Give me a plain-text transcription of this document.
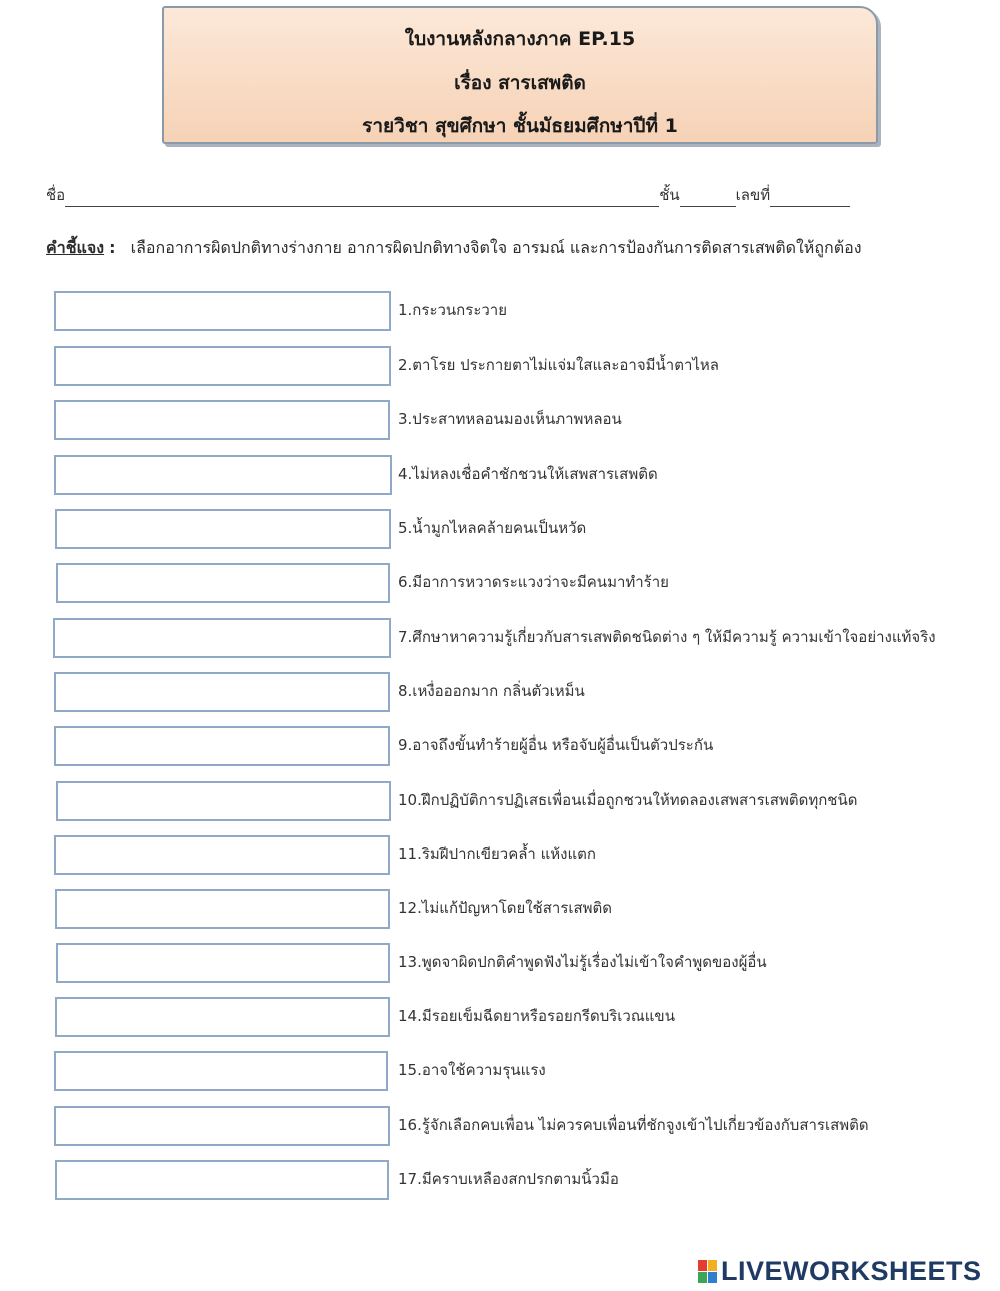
ใบงานหลังกลางภาค EP.15
เรื่อง สารเสพติด
รายวิชา สุขศึกษา ชั้นมัธยมศึกษาปีที่ 1
ชื่อ	ชั้น	เลขที่
คำชี้แจง : เลือกอาการผิดปกติทางร่างกาย อาการผิดปกติทางจิตใจ อารมณ์ และการป้องกันการติดสารเสพติดให้ถูกต้อง
1.กระวนกระวาย
2.ตาโรย ประกายตาไม่แจ่มใสและอาจมีน้ำตาไหล
3.ประสาทหลอนมองเห็นภาพหลอน
4.ไม่หลงเชื่อคำชักชวนให้เสพสารเสพติด
5.น้ำมูกไหลคล้ายคนเป็นหวัด
6.มีอาการหวาดระแวงว่าจะมีคนมาทำร้าย
7.ศึกษาหาความรู้เกี่ยวกับสารเสพติดชนิดต่าง ๆ ให้มีความรู้ ความเข้าใจอย่างแท้จริง
8.เหงื่อออกมาก กลิ่นตัวเหม็น
9.อาจถึงขั้นทำร้ายผู้อื่น หรือจับผู้อื่นเป็นตัวประกัน
10.ฝึกปฏิบัติการปฏิเสธเพื่อนเมื่อถูกชวนให้ทดลองเสพสารเสพติดทุกชนิด
11.ริมฝีปากเขียวคล้ำ แห้งแตก
12.ไม่แก้ปัญหาโดยใช้สารเสพติด
13.พูดจาผิดปกติคำพูดฟังไม่รู้เรื่องไม่เข้าใจคำพูดของผู้อื่น
14.มีรอยเข็มฉีดยาหรือรอยกรีดบริเวณแขน
15.อาจใช้ความรุนแรง
16.รู้จักเลือกคบเพื่อน ไม่ควรคบเพื่อนที่ชักจูงเข้าไปเกี่ยวข้องกับสารเสพติด
17.มีคราบเหลืองสกปรกตามนิ้วมือ
LIVEWORKSHEETS
